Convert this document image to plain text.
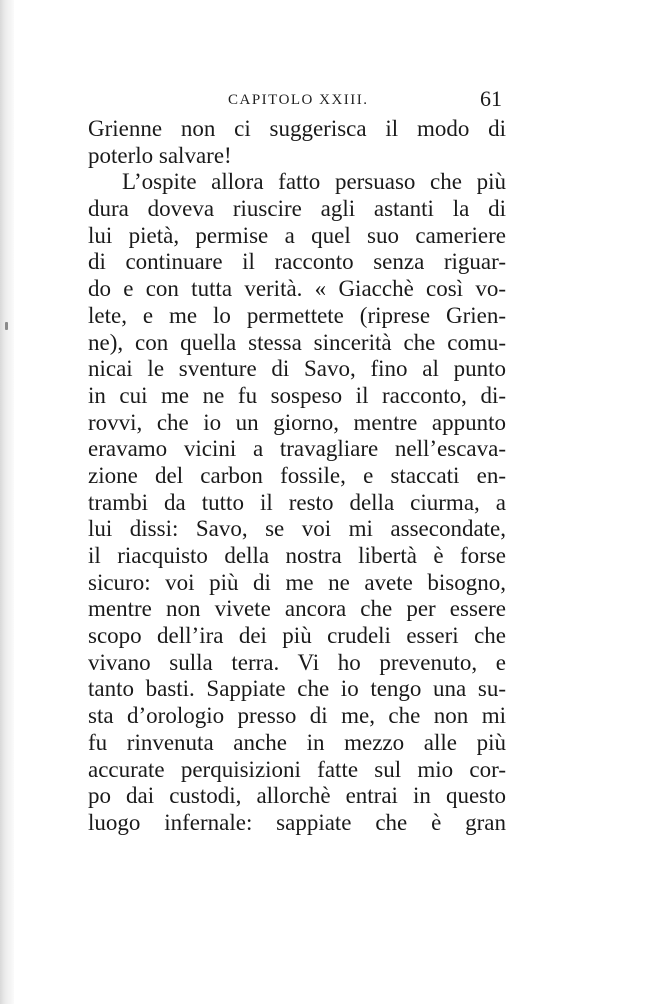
CAPITOLO XXIII.	61
Grienne non ci suggerisca il modo di
poterlo salvare!
L’ospite allora fatto persuaso che più
dura doveva riuscire agli astanti la di
lui pietà, permise a quel suo cameriere
di continuare il racconto senza riguar-
do e con tutta verità. « Giacchè così vo-
lete, e me lo permettete (riprese Grien-
ne), con quella stessa sincerità che comu-
nicai le sventure di Savo, fino al punto
in cui me ne fu sospeso il racconto, di-
rovvi, che io un giorno, mentre appunto
eravamo vicini a travagliare nell’escava-
zione del carbon fossile, e staccati en-
trambi da tutto il resto della ciurma, a
lui dissi: Savo, se voi mi assecondate,
il riacquisto della nostra libertà è forse
sicuro: voi più di me ne avete bisogno,
mentre non vivete ancora che per essere
scopo dell’ira dei più crudeli esseri che
vivano sulla terra. Vi ho prevenuto, e
tanto basti. Sappiate che io tengo una su-
sta d’orologio presso di me, che non mi
fu rinvenuta anche in mezzo alle più
accurate perquisizioni fatte sul mio cor-
po dai custodi, allorchè entrai in questo
luogo infernale: sappiate che è gran
